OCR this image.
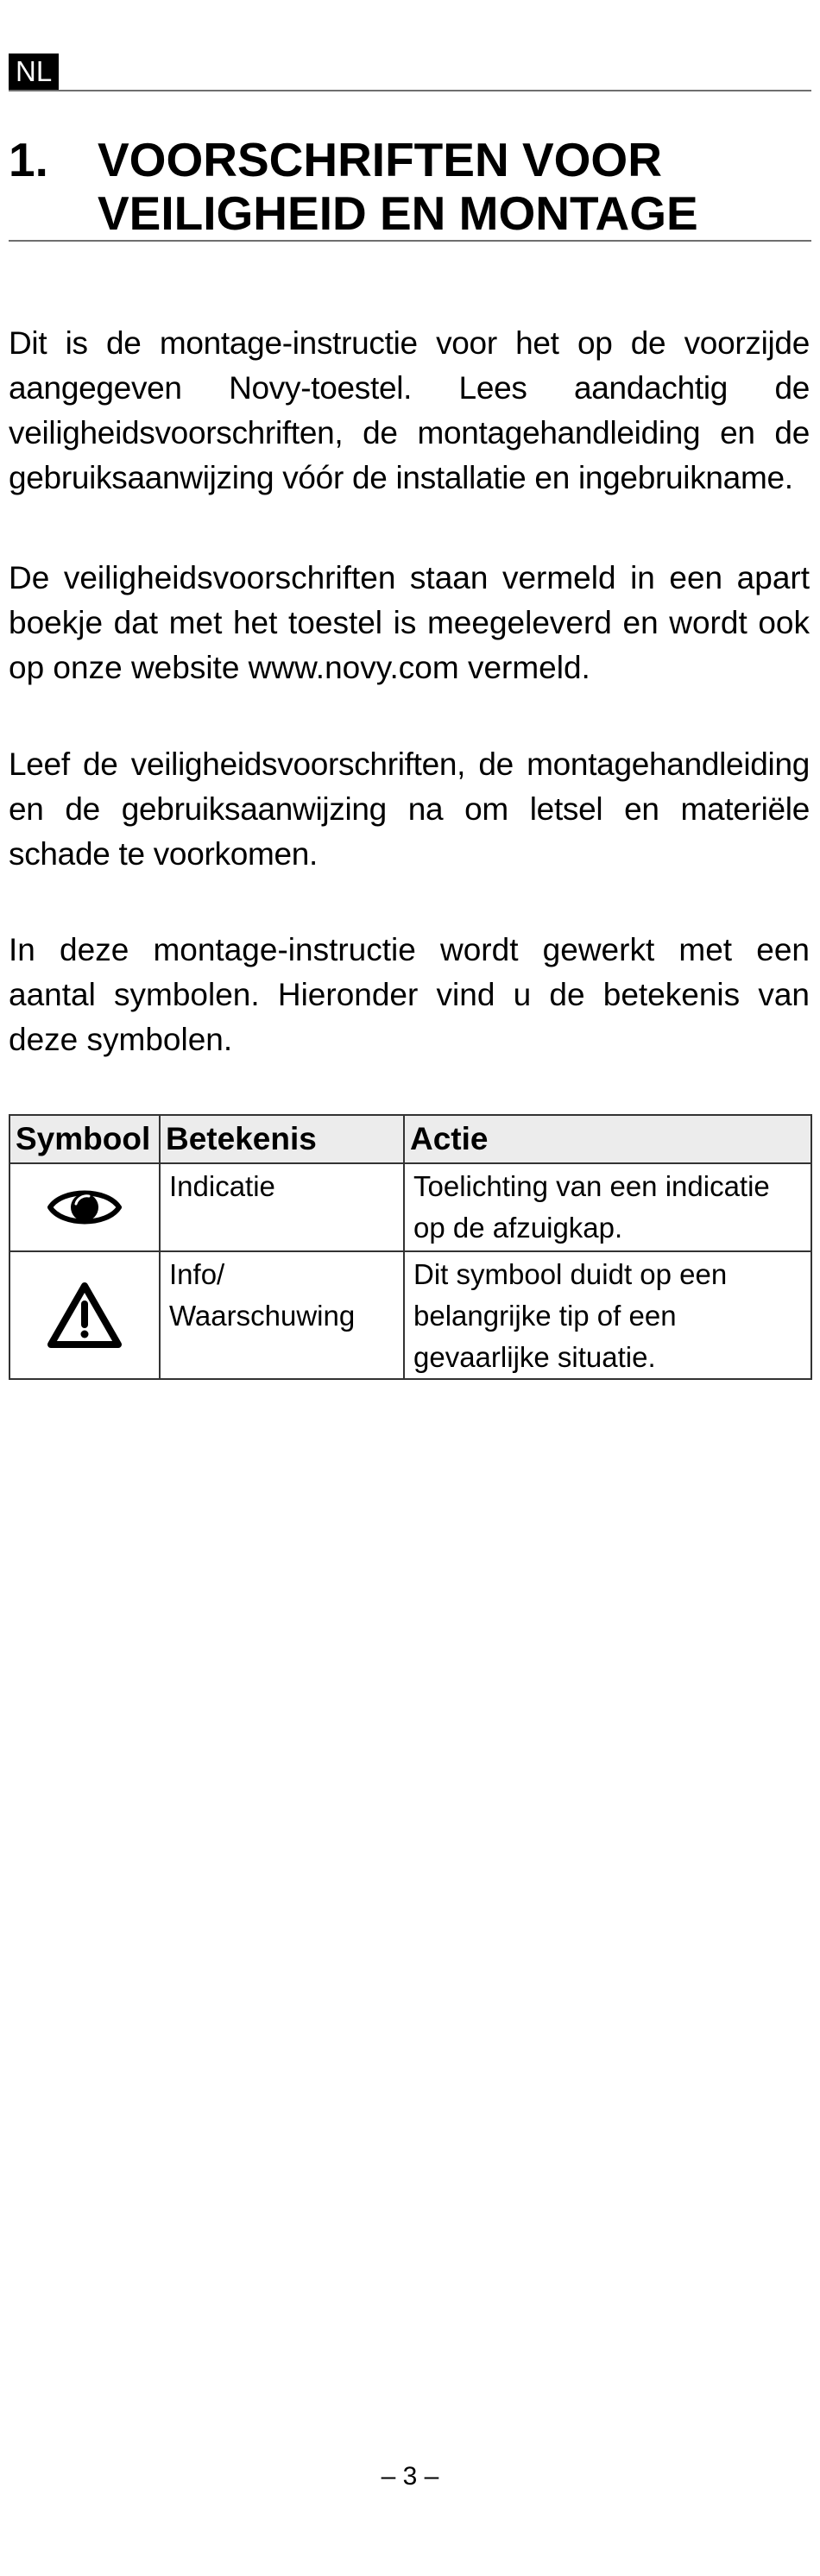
NL
1. VOORSCHRIFTEN VOOR VEILIGHEID EN MONTAGE

Dit is de montage-instructie voor het op de voorzijde aangegeven Novy-toestel. Lees aandachtig de veiligheidsvoorschriften, de montagehandleiding en de gebruiksaanwijzing vóór de installatie en ingebruikname.

De veiligheidsvoorschriften staan vermeld in een apart boekje dat met het toestel is meegeleverd en wordt ook op onze website www.novy.com vermeld.

Leef de veiligheidsvoorschriften, de montagehandleiding en de gebruiksaanwijzing na om letsel en materiële schade te voorkomen.

In deze montage-instructie wordt gewerkt met een aantal symbolen. Hieronder vind u de betekenis van deze symbolen.

Symbool	Betekenis	Actie

	Indicatie	Toelichting van een indicatie op de afzuigkap.

	Info/ Waarschuwing	Dit symbool duidt op een belangrijke tip of een gevaarlijke situatie.
– 3 –
